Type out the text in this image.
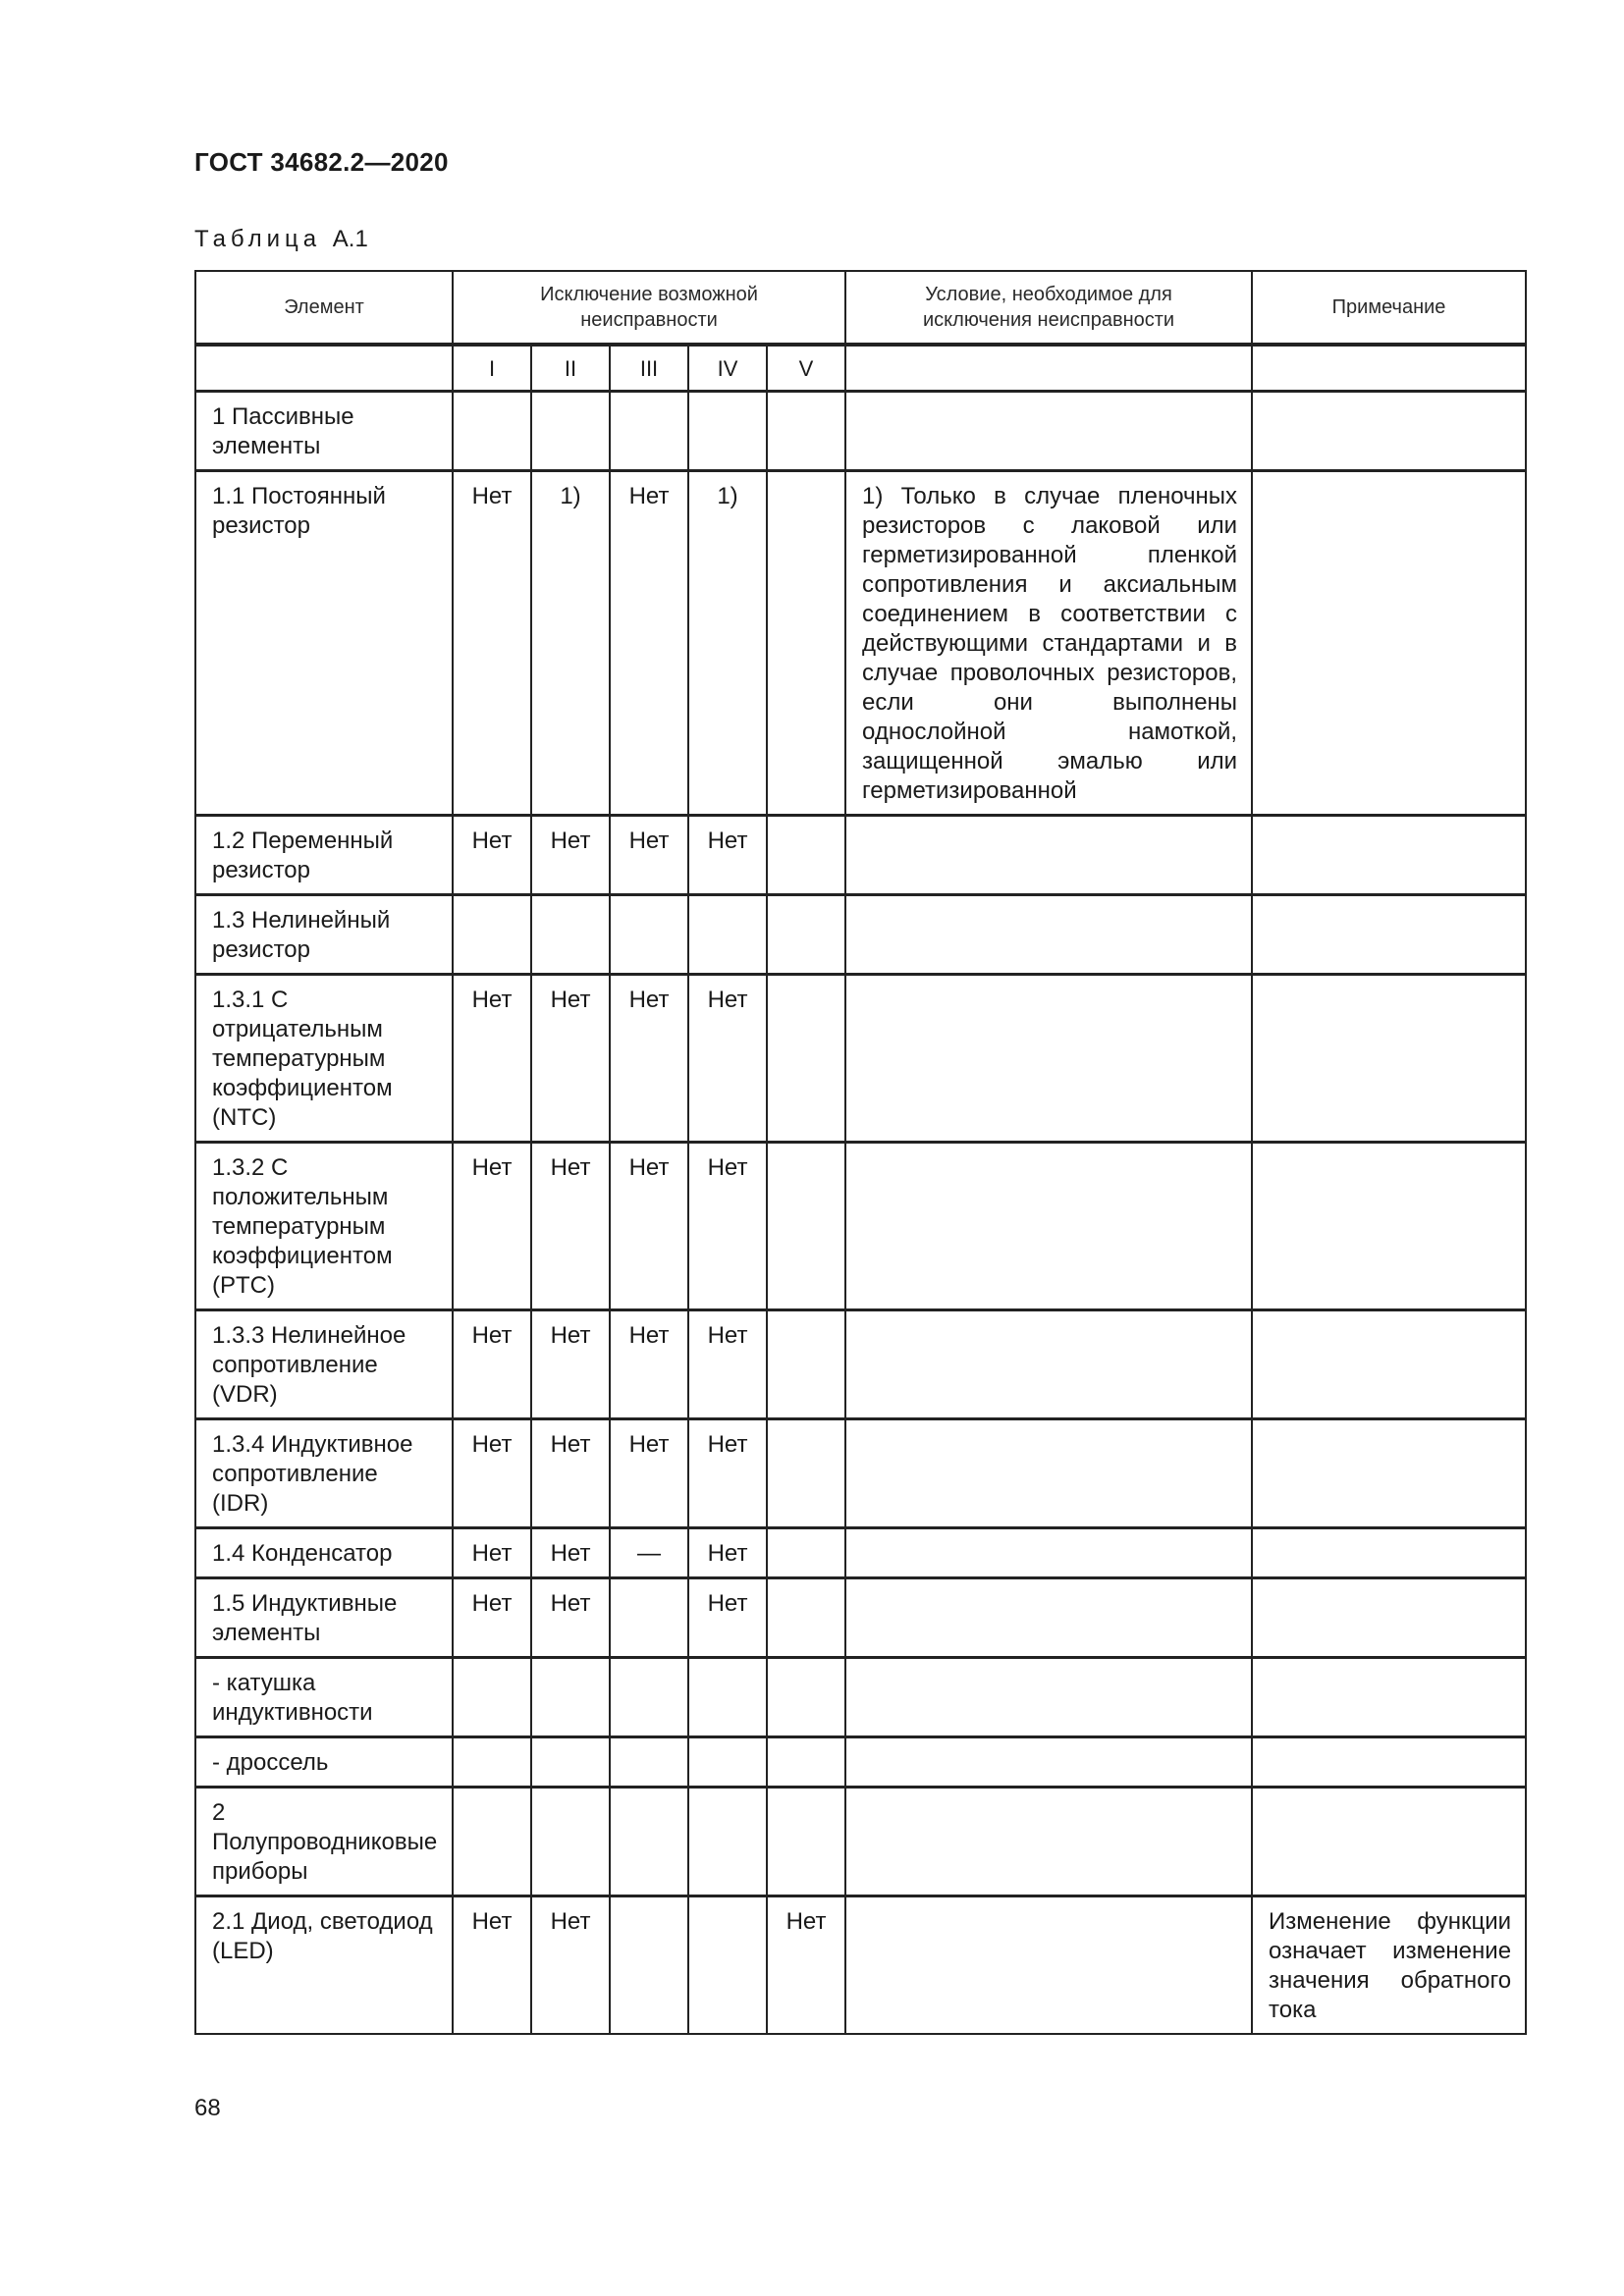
ГОСТ 34682.2—2020
Таблица А.1
Элемент	Исключение возможной неисправности					Условие, необходимое для исключения неисправности	Примечание
	I	II	III	IV	V		
1 Пассивные элементы							
1.1 Постоянный резистор	Нет	1)	Нет	1)		1) Только в случае пленочных резисторов с лаковой или герметизированной пленкой сопротивления и аксиальным соединением в соответствии с действующими стандартами и в случае проволочных резисторов, если они выполнены однослойной намоткой, защищенной эмалью или герметизированной	
1.2 Переменный резистор	Нет	Нет	Нет	Нет			
1.3 Нелинейный резистор							
1.3.1 С отрицательным температурным коэффициентом (NTC)	Нет	Нет	Нет	Нет			
1.3.2 С положительным температурным коэффициентом (PTC)	Нет	Нет	Нет	Нет			
1.3.3 Нелинейное сопротивление (VDR)	Нет	Нет	Нет	Нет			
1.3.4 Индуктивное сопротивление (IDR)	Нет	Нет	Нет	Нет			
1.4 Конденсатор	Нет	Нет	—	Нет			
1.5 Индуктивные элементы	Нет	Нет		Нет			
- катушка индуктивности							
- дроссель							
2 Полупроводниковые приборы							
2.1 Диод, светодиод (LED)	Нет	Нет			Нет		Изменение функции означает изменение значения обратного тока
68
